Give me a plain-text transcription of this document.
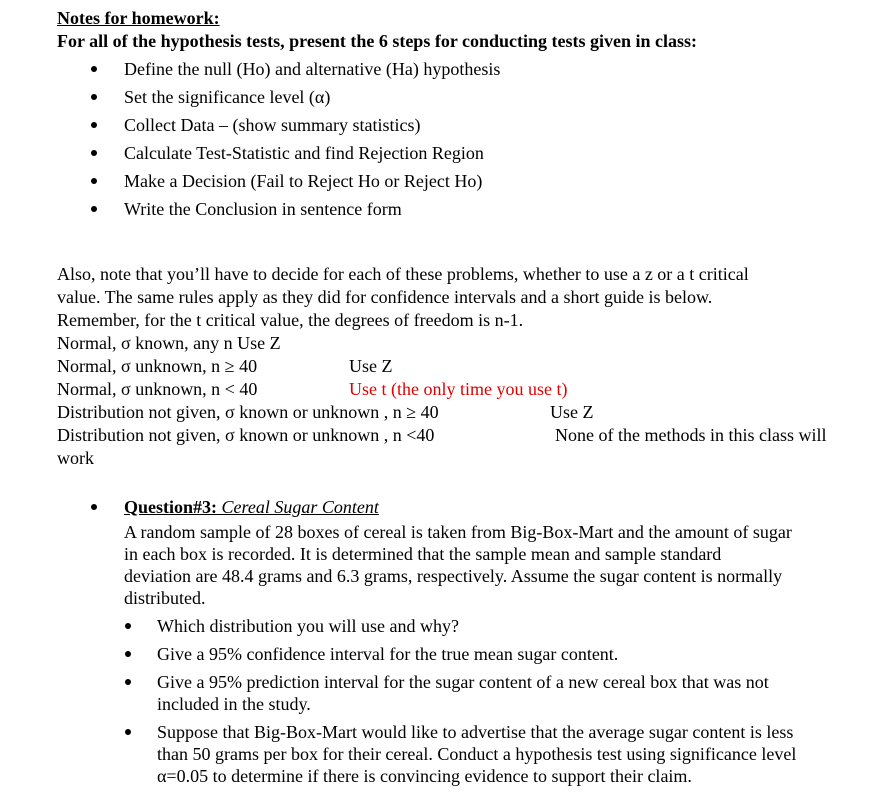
Notes for homework:
For all of the hypothesis tests, present the 6 steps for conducting tests given in class:
Define the null (Ho) and alternative (Ha) hypothesis
Set the significance level (α)
Collect Data – (show summary statistics)
Calculate Test-Statistic and find Rejection Region
Make a Decision (Fail to Reject Ho or Reject Ho)
Write the Conclusion in sentence form
Also, note that you’ll have to decide for each of these problems, whether to use a z or a t critical
value. The same rules apply as they did for confidence intervals and a short guide is below.
Remember, for the t critical value, the degrees of freedom is n-1.
Normal, σ known, any n Use Z
Normal, σ unknown, n ≥ 40	Use Z
Normal, σ unknown, n < 40	Use t (the only time you use t)
Distribution not given, σ known or unknown , n ≥ 40	Use Z
Distribution not given, σ known or unknown , n <40	None of the methods in this class will
work
Question#3: Cereal Sugar Content
A random sample of 28 boxes of cereal is taken from Big-Box-Mart and the amount of sugar
in each box is recorded. It is determined that the sample mean and sample standard
deviation are 48.4 grams and 6.3 grams, respectively. Assume the sugar content is normally
distributed.
Which distribution you will use and why?
Give a 95% confidence interval for the true mean sugar content.
Give a 95% prediction interval for the sugar content of a new cereal box that was not
included in the study.
Suppose that Big-Box-Mart would like to advertise that the average sugar content is less
than 50 grams per box for their cereal. Conduct a hypothesis test using significance level
α=0.05 to determine if there is convincing evidence to support their claim.
